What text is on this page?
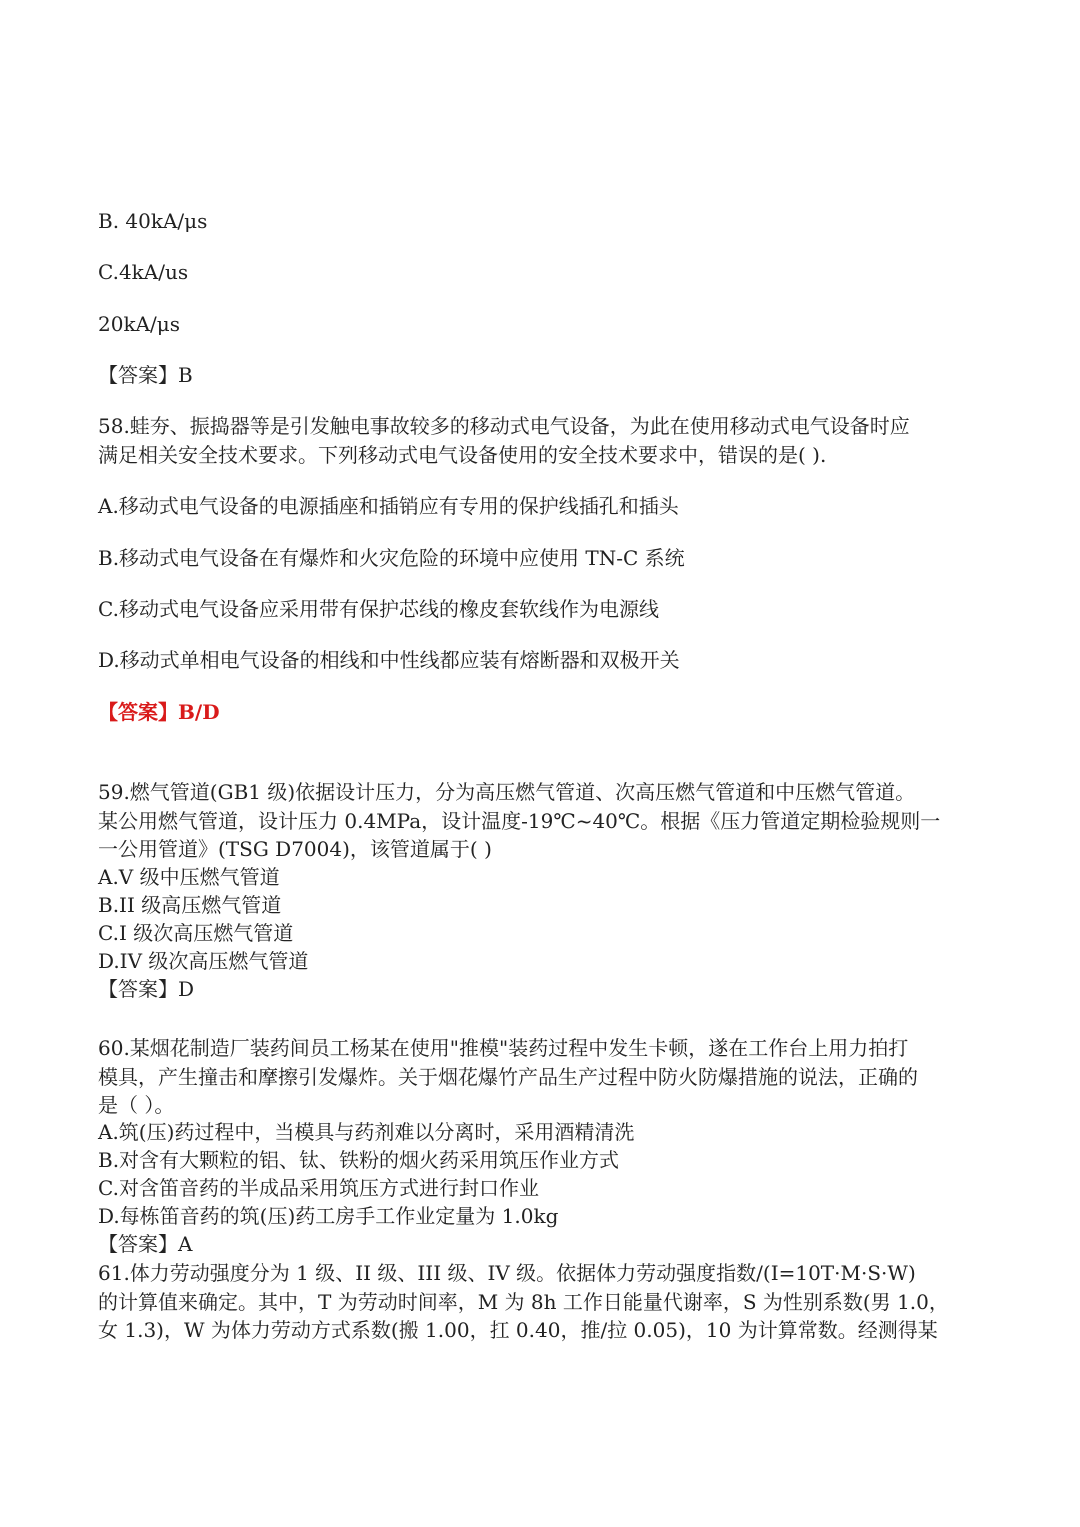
B. 40kA/μs
C.4kA/us
20kA/μs
【答案】B
58.蛙夯、振捣器等是引发触电事故较多的移动式电气设备，为此在使用移动式电气设备时应
满足相关安全技术要求。下列移动式电气设备使用的安全技术要求中，错误的是( ).
A.移动式电气设备的电源插座和插销应有专用的保护线插孔和插头
B.移动式电气设备在有爆炸和火灾危险的环境中应使用 TN-C 系统
C.移动式电气设备应采用带有保护芯线的橡皮套软线作为电源线
D.移动式单相电气设备的相线和中性线都应装有熔断器和双极开关
【答案】B/D
59.燃气管道(GB1 级)依据设计压力，分为高压燃气管道、次高压燃气管道和中压燃气管道。
某公用燃气管道，设计压力 0.4MPa，设计温度-19℃~40℃。根据《压力管道定期检验规则一
一公用管道》(TSG D7004)，该管道属于( )
A.V 级中压燃气管道
B.II 级高压燃气管道
C.I 级次高压燃气管道
D.IV 级次高压燃气管道
【答案】D
60.某烟花制造厂装药间员工杨某在使用"推模"装药过程中发生卡顿，遂在工作台上用力拍打
模具，产生撞击和摩擦引发爆炸。关于烟花爆竹产品生产过程中防火防爆措施的说法，正确的
是（ ）。
A.筑(压)药过程中，当模具与药剂难以分离时，采用酒精清洗
B.对含有大颗粒的铝、钛、铁粉的烟火药采用筑压作业方式
C.对含笛音药的半成品采用筑压方式进行封口作业
D.每栋笛音药的筑(压)药工房手工作业定量为 1.0kg
【答案】A
61.体力劳动强度分为 1 级、II 级、III 级、IV 级。依据体力劳动强度指数/(I=10T·M·S·W)
的计算值来确定。其中，T 为劳动时间率，M 为 8h 工作日能量代谢率，S 为性别系数(男 1.0，
女 1.3)，W 为体力劳动方式系数(搬 1.00，扛 0.40，推/拉 0.05)，10 为计算常数。经测得某
